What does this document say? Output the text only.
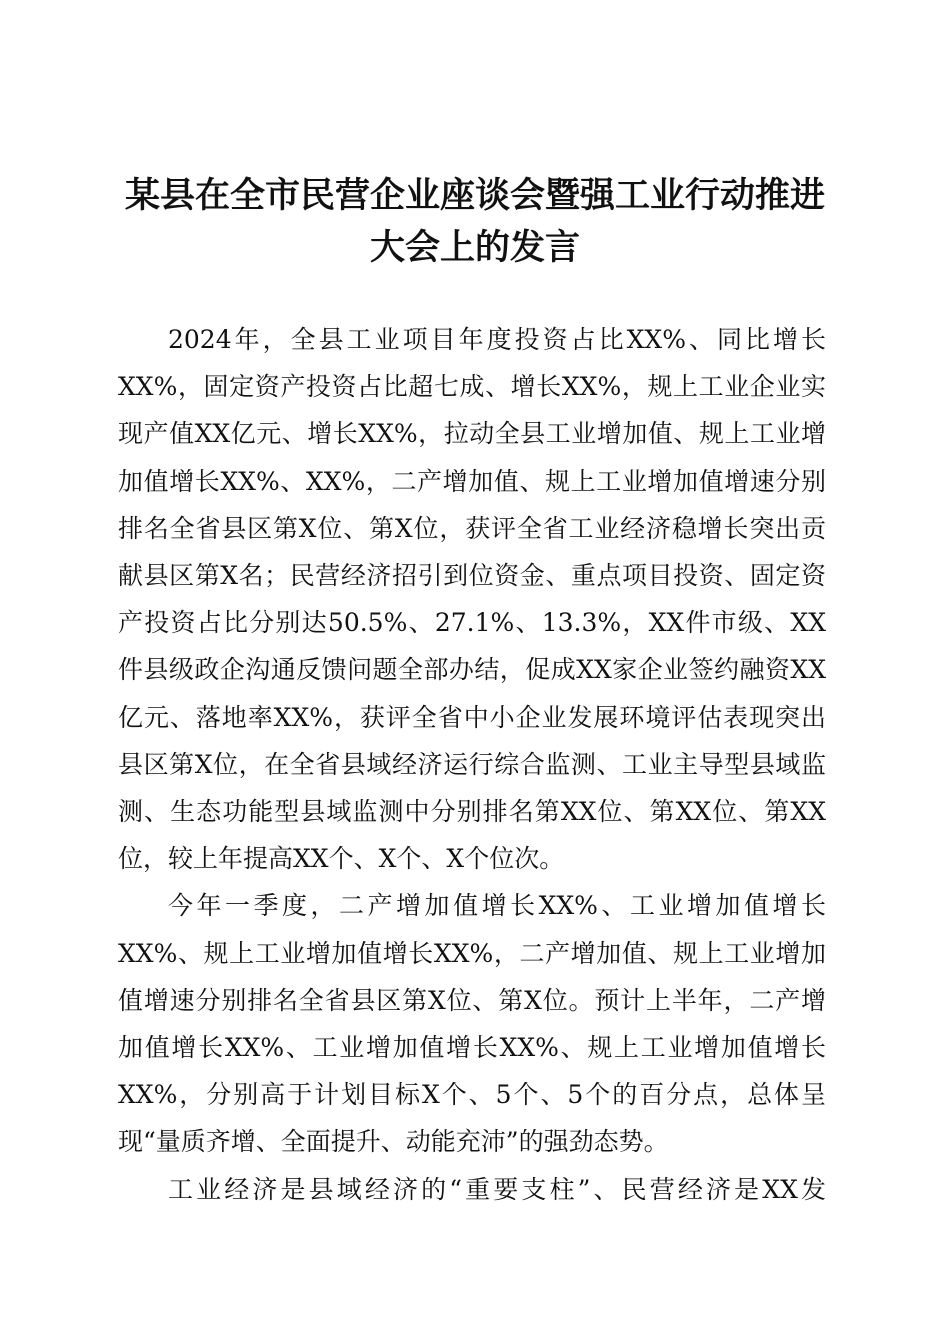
某县在全市民营企业座谈会暨强工业行动推进
大会上的发言

2024年，全县工业项目年度投资占比XX%、同比增长XX%，固定资产投资占比超七成、增长XX%，规上工业企业实现产值XX亿元、增长XX%，拉动全县工业增加值、规上工业增加值增长XX%、XX%，二产增加值、规上工业增加值增速分别排名全省县区第X位、第X位，获评全省工业经济稳增长突出贡献县区第X名；民营经济招引到位资金、重点项目投资、固定资产投资占比分别达50.5%、27.1%、13.3%，XX件市级、XX件县级政企沟通反馈问题全部办结，促成XX家企业签约融资XX亿元、落地率XX%，获评全省中小企业发展环境评估表现突出县区第X位，在全省县域经济运行综合监测、工业主导型县域监测、生态功能型县域监测中分别排名第XX位、第XX位、第XX位，较上年提高XX个、X个、X个位次。

今年一季度，二产增加值增长XX%、工业增加值增长XX%、规上工业增加值增长XX%，二产增加值、规上工业增加值增速分别排名全省县区第X位、第X位。预计上半年，二产增加值增长XX%、工业增加值增长XX%、规上工业增加值增长XX%，分别高于计划目标X个、5个、5个的百分点，总体呈现“量质齐增、全面提升、动能充沛”的强劲态势。

工业经济是县域经济的“重要支柱”、民营经济是XX发
